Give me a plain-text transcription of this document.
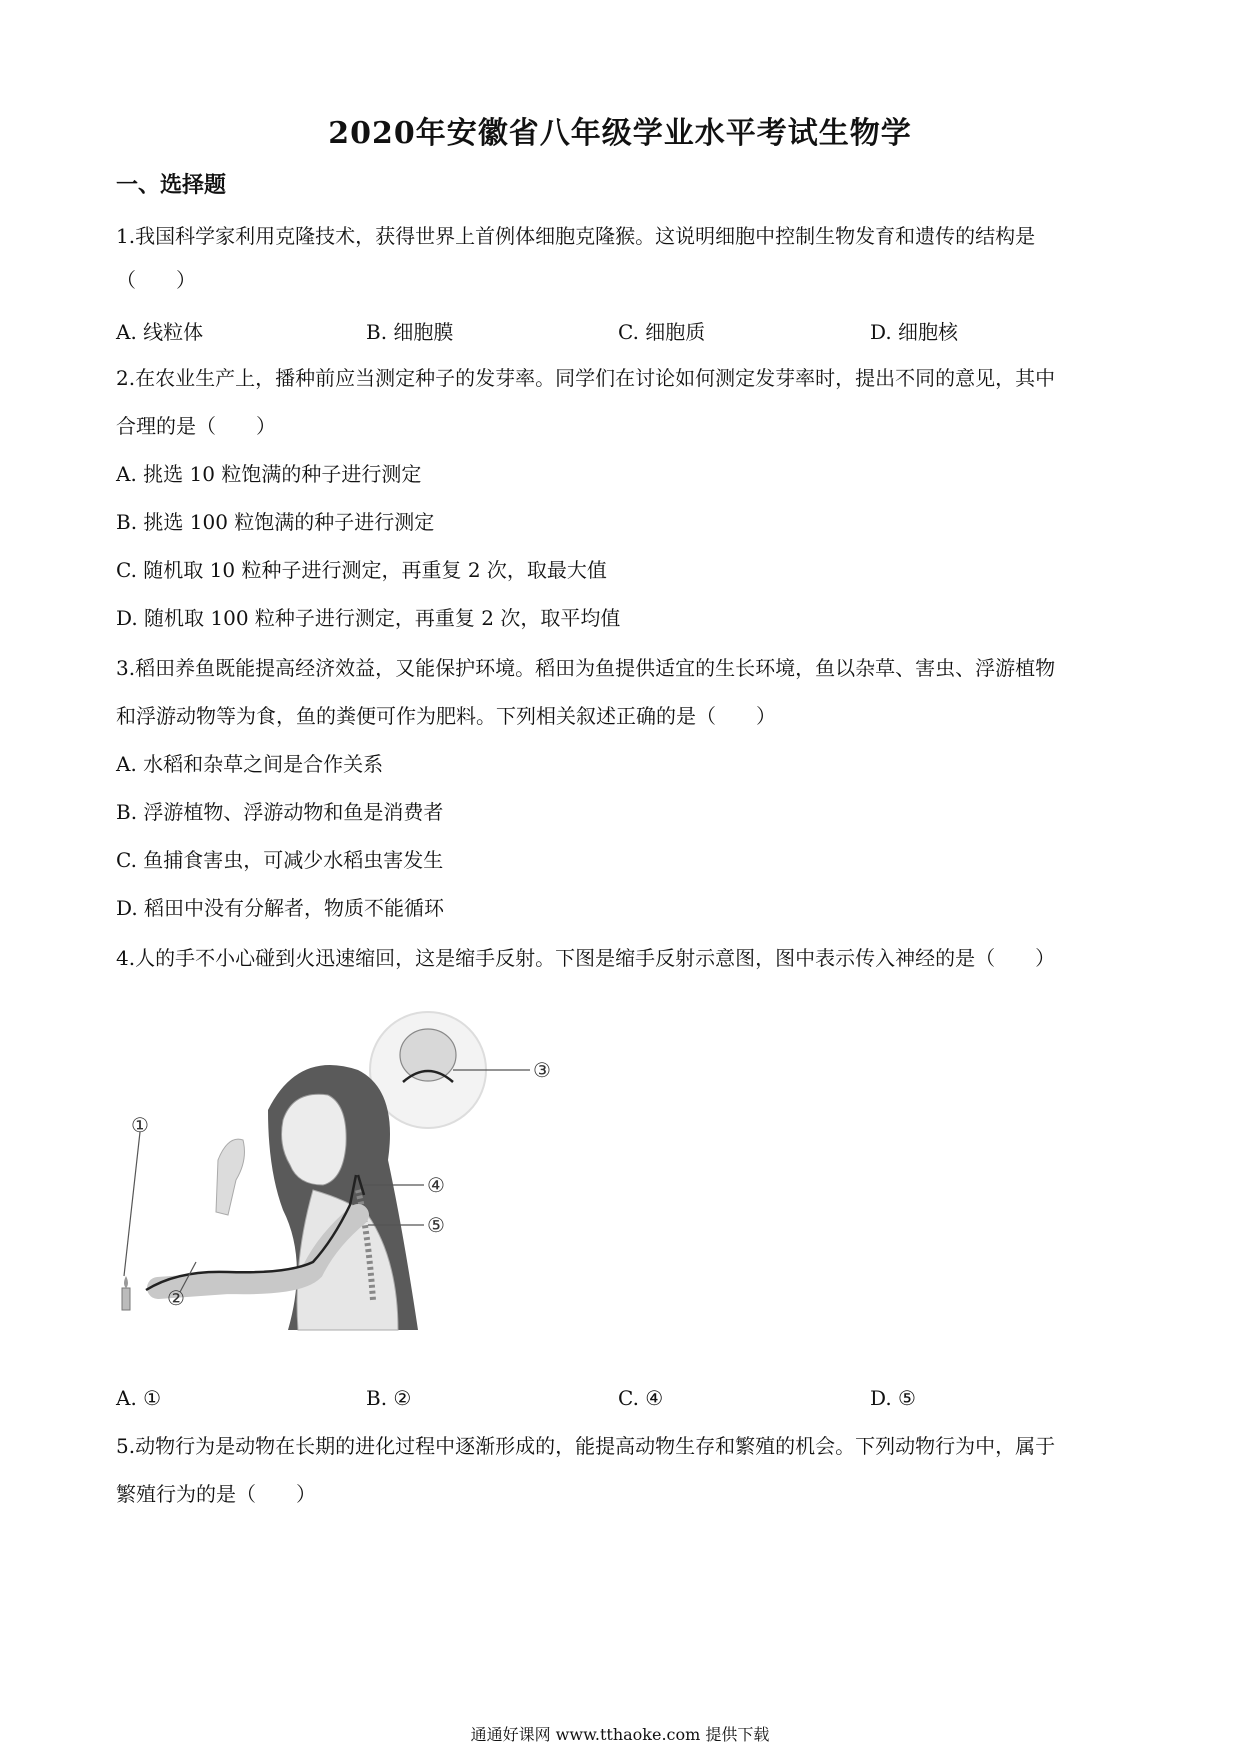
2020年安徽省八年级学业水平考试生物学
一、选择题
1.我国科学家利用克隆技术，获得世界上首例体细胞克隆猴。这说明细胞中控制生物发育和遗传的结构是
（　　）
A. 线粒体	B. 细胞膜	C. 细胞质	D. 细胞核
2.在农业生产上，播种前应当测定种子的发芽率。同学们在讨论如何测定发芽率时，提出不同的意见，其中
合理的是（　　）
A. 挑选 10 粒饱满的种子进行测定
B. 挑选 100 粒饱满的种子进行测定
C. 随机取 10 粒种子进行测定，再重复 2 次，取最大值
D. 随机取 100 粒种子进行测定，再重复 2 次，取平均值
3.稻田养鱼既能提高经济效益，又能保护环境。稻田为鱼提供适宜的生长环境，鱼以杂草、害虫、浮游植物
和浮游动物等为食，鱼的粪便可作为肥料。下列相关叙述正确的是（　　）
A. 水稻和杂草之间是合作关系
B. 浮游植物、浮游动物和鱼是消费者
C. 鱼捕食害虫，可减少水稻虫害发生
D. 稻田中没有分解者，物质不能循环
4.人的手不小心碰到火迅速缩回，这是缩手反射。下图是缩手反射示意图，图中表示传入神经的是（　　）
①
②
③
④
⑤
A. ①	B. ②	C. ④	D. ⑤
5.动物行为是动物在长期的进化过程中逐渐形成的，能提高动物生存和繁殖的机会。下列动物行为中，属于
繁殖行为的是（　　）
通通好课网 www.tthaoke.com 提供下载
